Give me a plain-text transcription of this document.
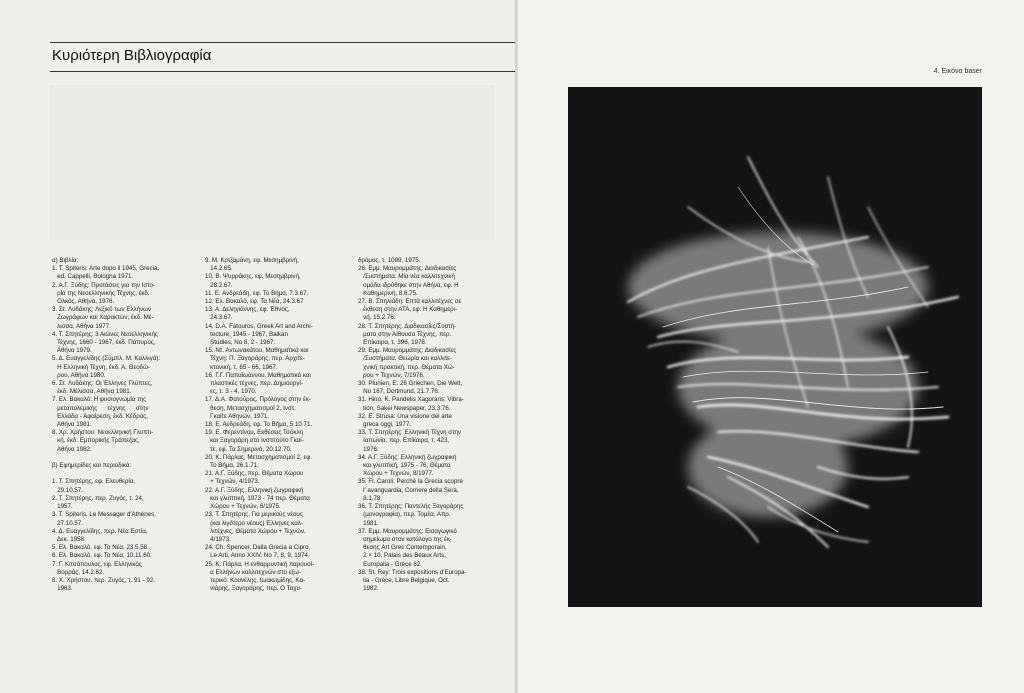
Κυριότερη Βιβλιογραφία
α) Βιβλία:
1. Τ. Spiteris: Arte dopo il 1945, Grecia,
ed. Cappelli, Bologna 1971.
2. Α.Γ. Ξύδης: Προτάσεις για την Ιστο-
ρία της Νεοελληνικής Τέχνης, έκδ.
Ολκός, Αθήνα, 1976.
3. Στ. Λυδάκης: Λεξικό των Ελλήνων
Ζωγράφων και Χαρακτών, έκδ. Μέ-
λισσα, Αθήνα 1977.
4. Τ. Σπητέρης: 3 Αιώνες Νεοελληνικής
Τέχνης, 1660 - 1967, έκδ. Πάπυρος,
Αθήνα 1979.
5. Δ. Ευαγγελίδης (Σύμπλ. Μ. Καλλιγά):
Η Ελληνική Τέχνη, έκδ. Α. Θεοδώ-
ρου, Αθήνα 1980.
6. Στ. Λυδάκης: Οι Έλληνες Γλύπτες,
έκδ. Μέλισσα, Αθήνα 1981.
7. Ελ. Βακαλό: Η φυσιογνωμία της
μεταπολεμικής      τέχνης      στην
Ελλάδα - Αφαίρεση, έκδ. Κέδρος,
Αθήνα 1981.
8. Χρ. Χρήστου: Νεοελληνική Γλυπτι-
κή, έκδ. Εμπορικής Τράπεζας,
Αθήνα 1982.

β) Εφημερίδες και περιοδικά:

1. Τ. Σπητέρης, εφ. Ελευθερία,
29.10.57.
2. Τ. Σπητέρης, περ. Ζυγός, τ. 24,
1957.
3. T. Spiteris, Le Messager d'Athènes,
27.10.57.
4. Δ. Ευαγγελίδης, περ. Νέα Εστία,
Δεκ. 1958.
5. Ελ. Βακαλό, εφ. Τα Νέα, 23.5.58.
6. Ελ. Βακαλό, εφ. Τα Νέα, 10.11.60.
7. Γ. Κιτσόπουλος, εφ. Ελληνικός
Βορράς, 14.2.62.
8. Χ. Χρήστου, περ. Ζυγός, τ. 91 - 92.
1963.
9. Μ. Κοτζαμάνη, εφ. Μεσημβρινή,
14.2.65.
10. Β. Ψυρράκης, εφ. Μεσημβρινή,
28.2.67.
11. Ε. Ανδρεάδη, εφ. Το Βήμα, 7.3.67.
12. Ελ. Βακαλό, εφ. Τα Νέα, 24.3.67
13. Α. Δεληγιάννης, εφ. Έθνος,
24.3.67.
14. D.A. Fatouros, Greek Art and Archi-
tecture, 1945 - 1967, Balkan
Studies, No 8, 2 - 1967.
15. Ντ. Αντωνακάτου, Μαθηματικά και
Τέχνη: Π. Ξαγοράρης, περ. Αρχιτε-
κτονική, τ. 65 - 66, 1967.
16. Γ.Γ. Παπαϊωάννου, Μαθηματικά και
πλαστικές τέχνες, περ. Δημιουργί-
ες, τ. 3 - 4, 1970.
17. Δ.Α. Φατούρος, Πρόλογος στην έκ-
θεση, Μετασχηματισμοί 2, Ινστ.
Γκαίτε Αθηνών, 1971.
18. Ε. Ανδρεάδη, εφ. Το Βήμα, 5.10.71.
19. Ε. Φερεντίνου, Εκθέσεις Τσόκλη
και Ξαγοράρη στο Ινστιτούτο Γκαί-
τε, εφ. Τα Σημερινά, 20.12.70.
20. Κ. Πάρλας, Μετασχηματισμοί 2, εφ.
Το Βήμα, 26.1.71.
21. Α.Γ. Ξύδης, περ. Θέματα Χώρου
+ Τεχνών, 4/1973.
22. Α.Γ. Ξύδης, Ελληνική ζωγραφική
και γλυπτική, 1973 - 74 περ. Θέματα
Χώρου + Τεχνών, 6/1975.
23. Τ. Σπητέρης, Για μερικούς νέους
(και λιγότερο νέους) Έλληνες καλ-
λιτέχνες, Θέματα Χώρου + Τεχνών,
4/1973.
24. Ch. Spencer, Dalla Grecia a Cipro,
Le Arti, Anno XXIV, No 7, 8, 9, 1974.
25. Κ. Πάρλα, Η ενθαρρυντική παρουσί-
α Ελλήνων καλλιτεχνών στο εξω-
τερικό: Κουνέλης, Ιωακειμίδης, Κα-
νιάρης, Ξαγοράρης, περ. Ο Ταχυ-
δρόμος, τ. 1099, 1975.
26. Εμμ. Μαυρομμάτης: Διαδικασίες
/Συστήματα. Μία νέα καλλιτεχνική
ομάδα ιδρύθηκε στην Αθήνα, εφ. Η
Καθημερινή, 8.6.75.
27. Β. Σπηλιάδη: Επτά καλλιτέχνες σε
έκθεση στην ΑΤΑ, εφ. Η Καθημερι-
νή, 15.2.76.
28. Τ. Σπητέρης: Διαδικασίες/Συστή-
ματα στην Αίθουσα Τέχνης, περ.
Επίκαιρα, τ. 396, 1976.
29. Εμμ. Μαυρομμάτης: Διαδικασίες
/Συστήματα. Θεωρία και καλλιτε-
χνική πρακτική, περ. Θέματα Χώ-
ρου + Τεχνών, 7/1976.
30. Plunien, E. 26 Griechen, Die Welt,
No 167, Dortmund, 21.7.76.
31. Hino, K. Pandelis Xagoraris: Vibra-
tion, Sakei Newspaper, 23.3.76.
32. E. Strusa: Una visione del arte
greca oggi, 1977.
33. Τ. Σπητέρης: Ελληνική Τέχνη στην
Ιαπωνία, περ. Επίκαιρα, τ. 423,
1976.
34. Α.Γ. Ξύδης: Ελληνική ζωγραφική
και γλυπτική, 1975 - 76, Θέματα
Χώρου + Τεχνών, 8/1977.
35. Fl. Caroli: Perchè la Grecia scopre
l' avanguardia, Corriere della Sera,
8.1.78.
36. Τ. Σπητέρης: Παντελής Ξαγοράρης
(μονογραφία), περ. Τομέα, Απρ.
1981.
37. Εμμ. Μαυρομμάτης: Εισαγωγικό
σημείωμα στον κατάλογο της έκ-
θεσης Art Grec Contemporain,
2 × 10, Palais des Beaux Arts,
Europalia - Grèce 82.
38. St. Rey: Trois expositions d'Europa-
lia - Grèce, Libre Belgique, Oct.
1982.
4. Εικόνα baser
